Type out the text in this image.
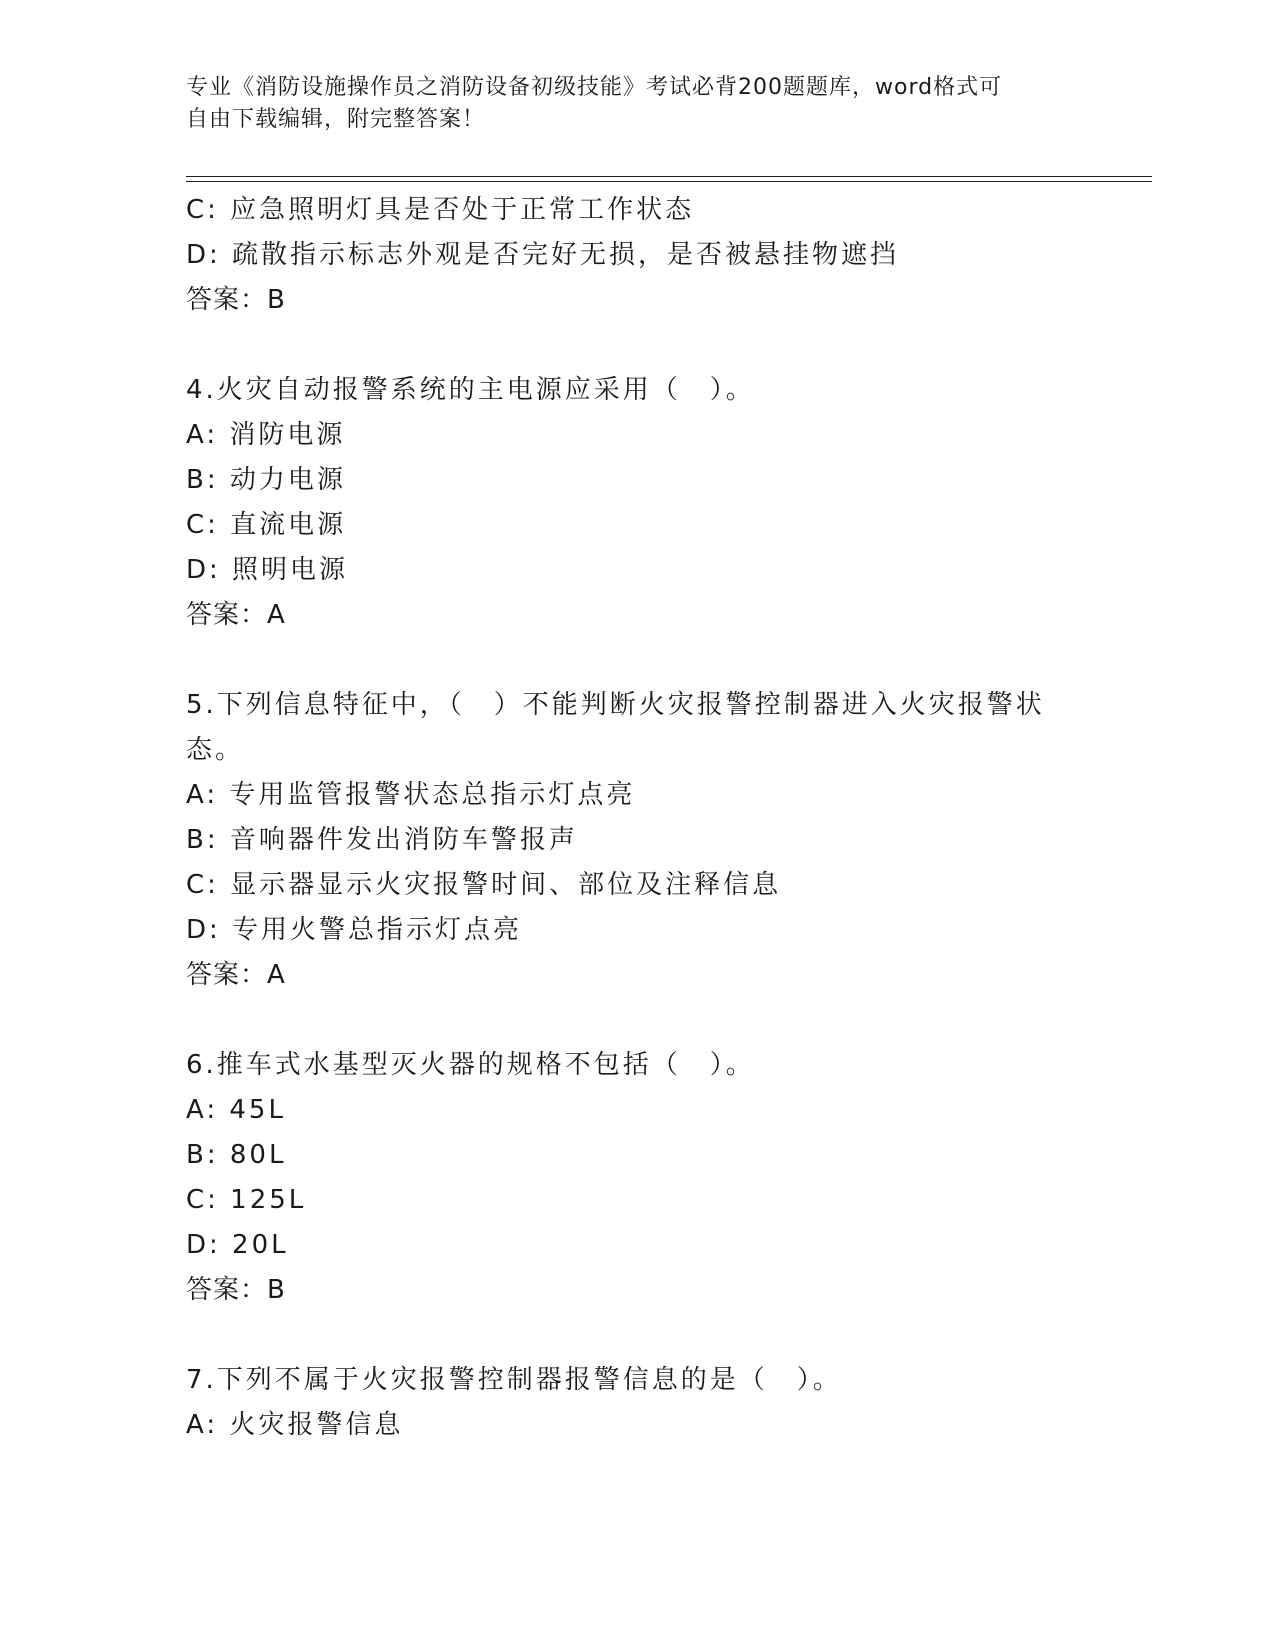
专业《消防设施操作员之消防设备初级技能》考试必背200题题库，word格式可
自由下载编辑，附完整答案！
C: 应急照明灯具是否处于正常工作状态
D: 疏散指示标志外观是否完好无损，是否被悬挂物遮挡
答案：B
4.火灾自动报警系统的主电源应采用（　）。
A: 消防电源
B: 动力电源
C: 直流电源
D: 照明电源
答案：A
5.下列信息特征中，（　）不能判断火灾报警控制器进入火灾报警状
态。
A: 专用监管报警状态总指示灯点亮
B: 音响器件发出消防车警报声
C: 显示器显示火灾报警时间、部位及注释信息
D: 专用火警总指示灯点亮
答案：A
6.推车式水基型灭火器的规格不包括（　）。
A: 45L
B: 80L
C: 125L
D: 20L
答案：B
7.下列不属于火灾报警控制器报警信息的是（　）。
A: 火灾报警信息
